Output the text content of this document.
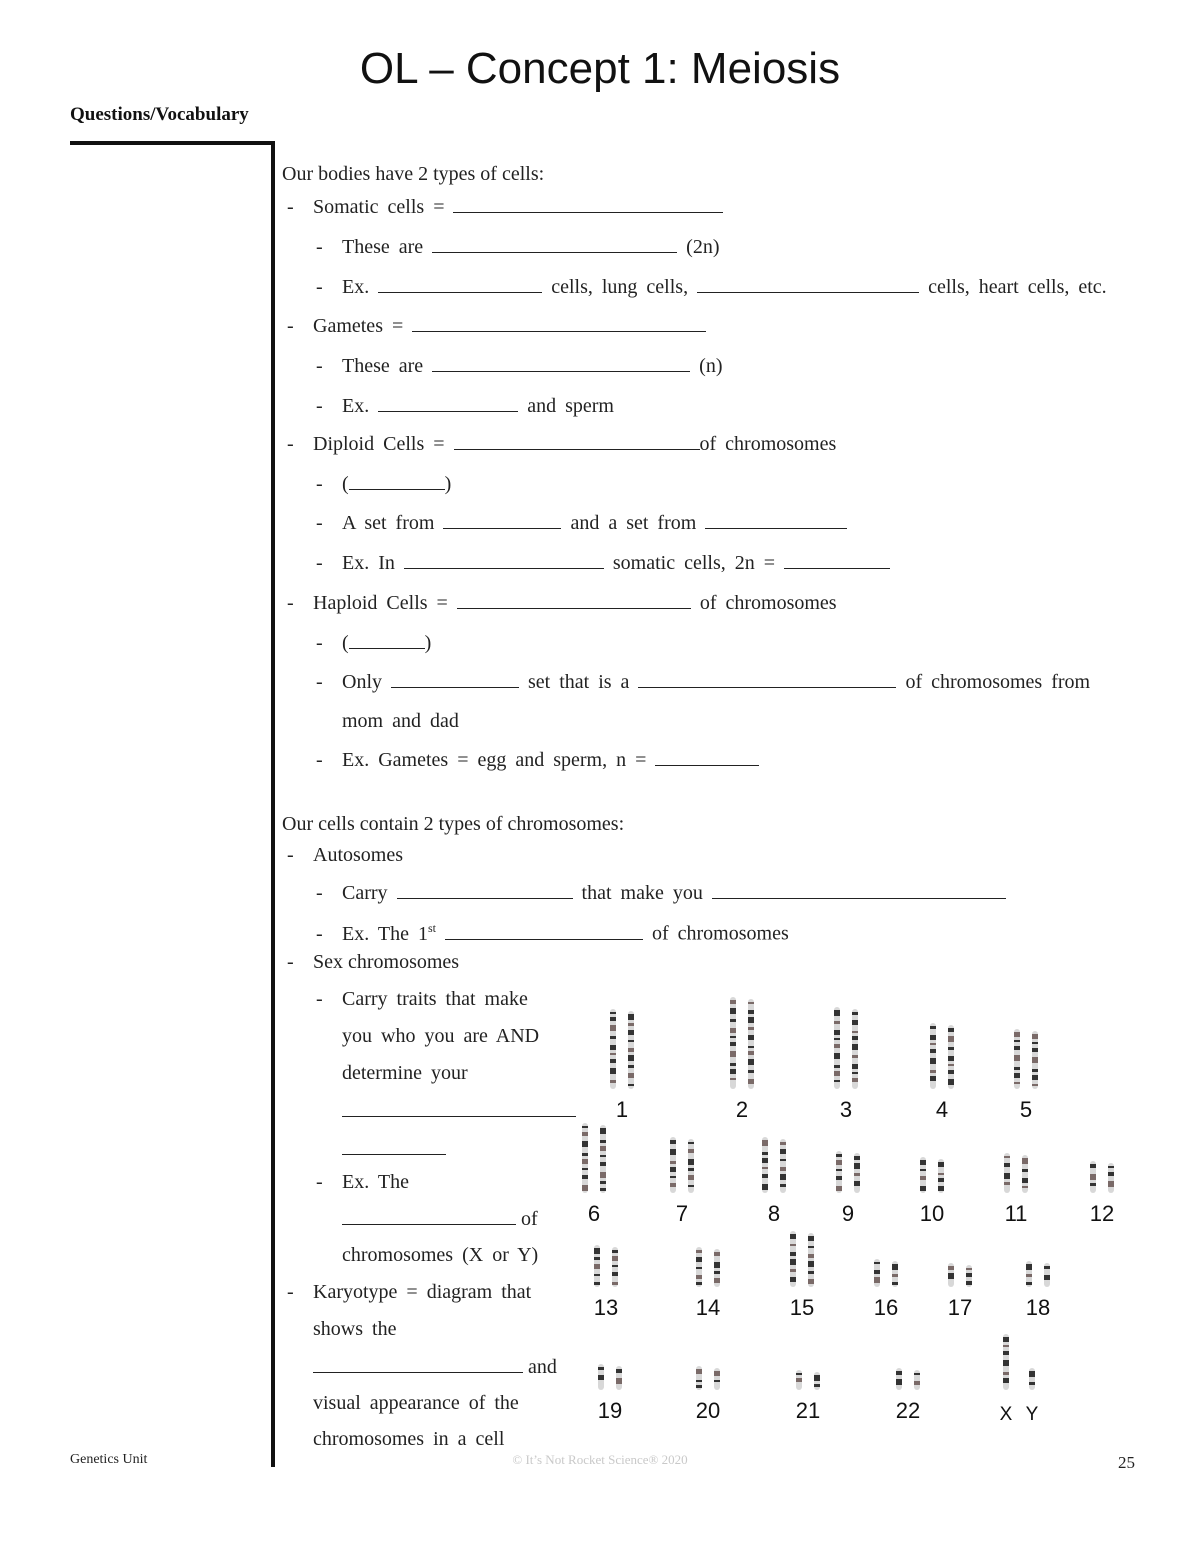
OL – Concept 1: Meiosis
Questions/Vocabulary
Our bodies have 2 types of cells:
- Somatic cells =
- These are	(2n)
- Ex.	cells, lung cells,	cells, heart cells, etc.
- Gametes =
- These are	(n)
- Ex.	and sperm
- Diploid Cells =	of chromosomes
- (	)
- A set from	and a set from
- Ex. In	somatic cells, 2n =
- Haploid Cells =	of chromosomes
- (	)
- Only	set that is a	of chromosomes from
mom and dad
- Ex. Gametes = egg and sperm, n =
Our cells contain 2 types of chromosomes:
- Autosomes
- Carry	that make you
- Ex. The 1st	of chromosomes
- Sex chromosomes
- Carry traits that make
you who you are AND
determine your
- Ex. The
of
chromosomes (X or Y)
- Karyotype = diagram that
shows the
and
visual appearance of the
chromosomes in a cell
1	2	3	4	5
6	7	8	9	10	11	12
13	14	15	16 17 18
19	20	21	22	X Y
Genetics Unit	© It’s Not Rocket Science® 2020	25
